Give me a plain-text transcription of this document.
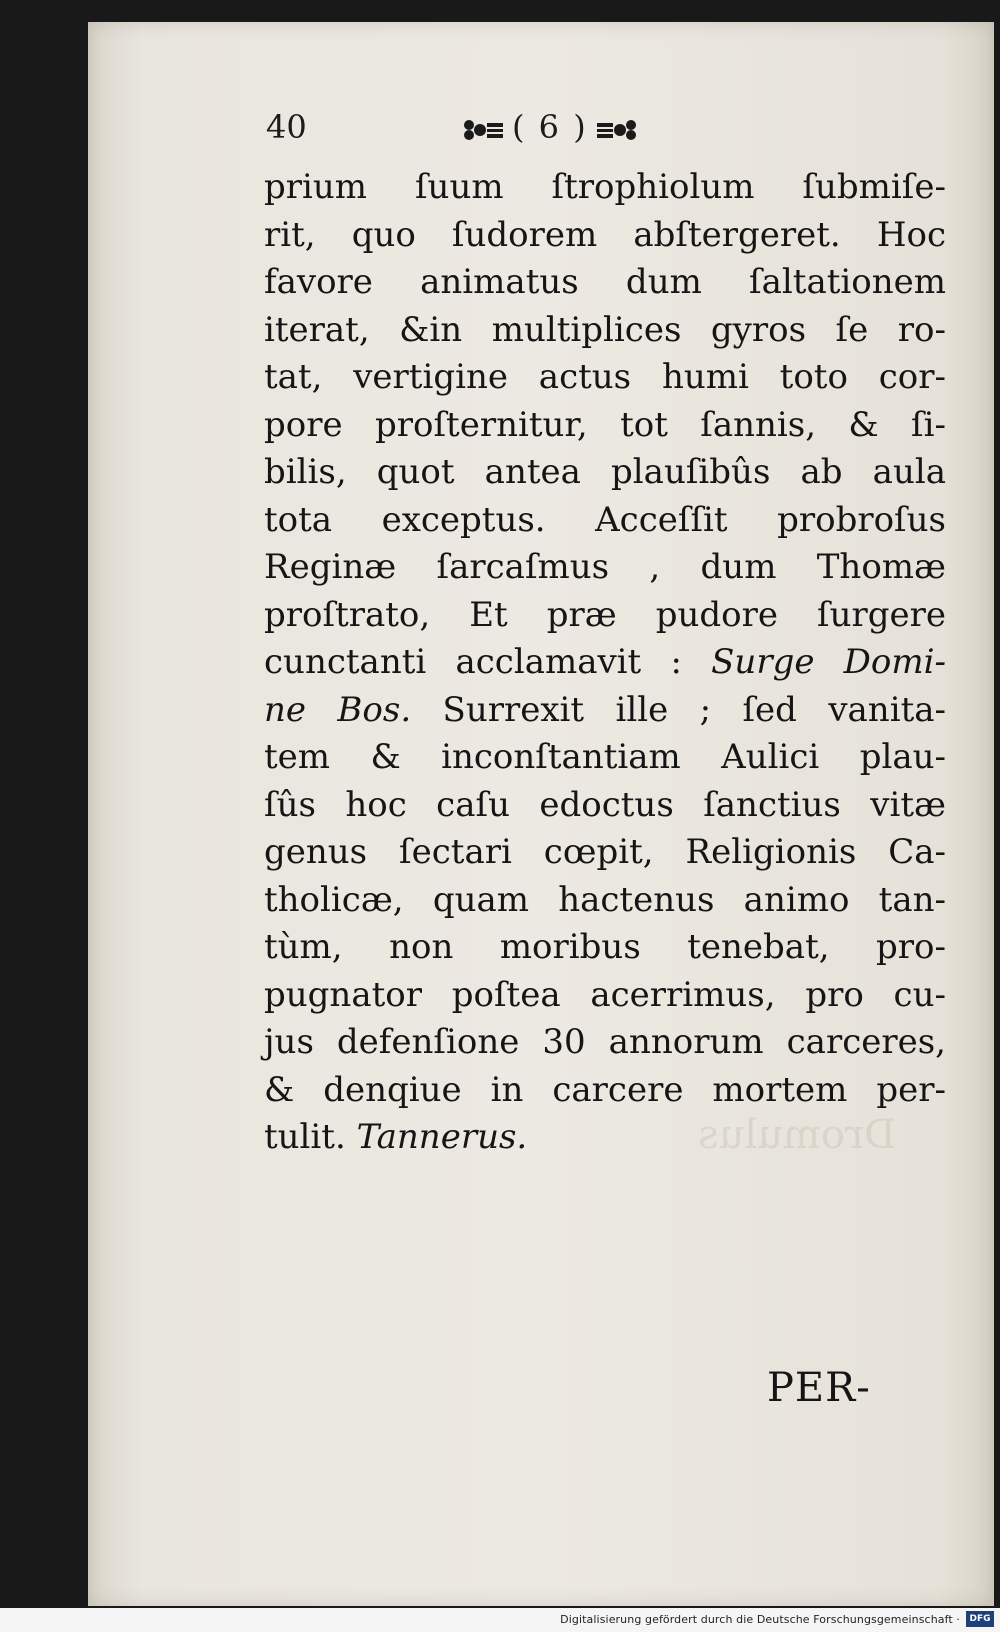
Dromulus
40	( 6 )
prium ſuum ſtrophiolum ſubmiſe-
rit, quo ſudorem abſtergeret. Hoc
favore animatus dum ſaltationem
iterat, &in multiplices gyros ſe ro-
tat, vertigine actus humi toto cor-
pore proſternitur, tot ſannis, & ſi-
bilis, quot antea plauſibûs ab aula
tota exceptus. Acceſſit probroſus
Reginæ ſarcaſmus , dum Thomæ
proſtrato, Et præ pudore ſurgere
cunctanti acclamavit : Surge Domi-
ne Bos. Surrexit ille ; ſed vanita-
tem & inconſtantiam Aulici plau-
ſûs hoc caſu edoctus ſanctius vitæ
genus ſectari cœpit, Religionis Ca-
tholicæ, quam hactenus animo tan-
tùm, non moribus tenebat, pro-
pugnator poſtea acerrimus, pro cu-
jus defenſione 30 annorum carceres,
& denqiue in carcere mortem per-
tulit. Tannerus.
PER-
Digitalisierung gefördert durch die Deutsche Forschungsgemeinschaft ·	DFG
